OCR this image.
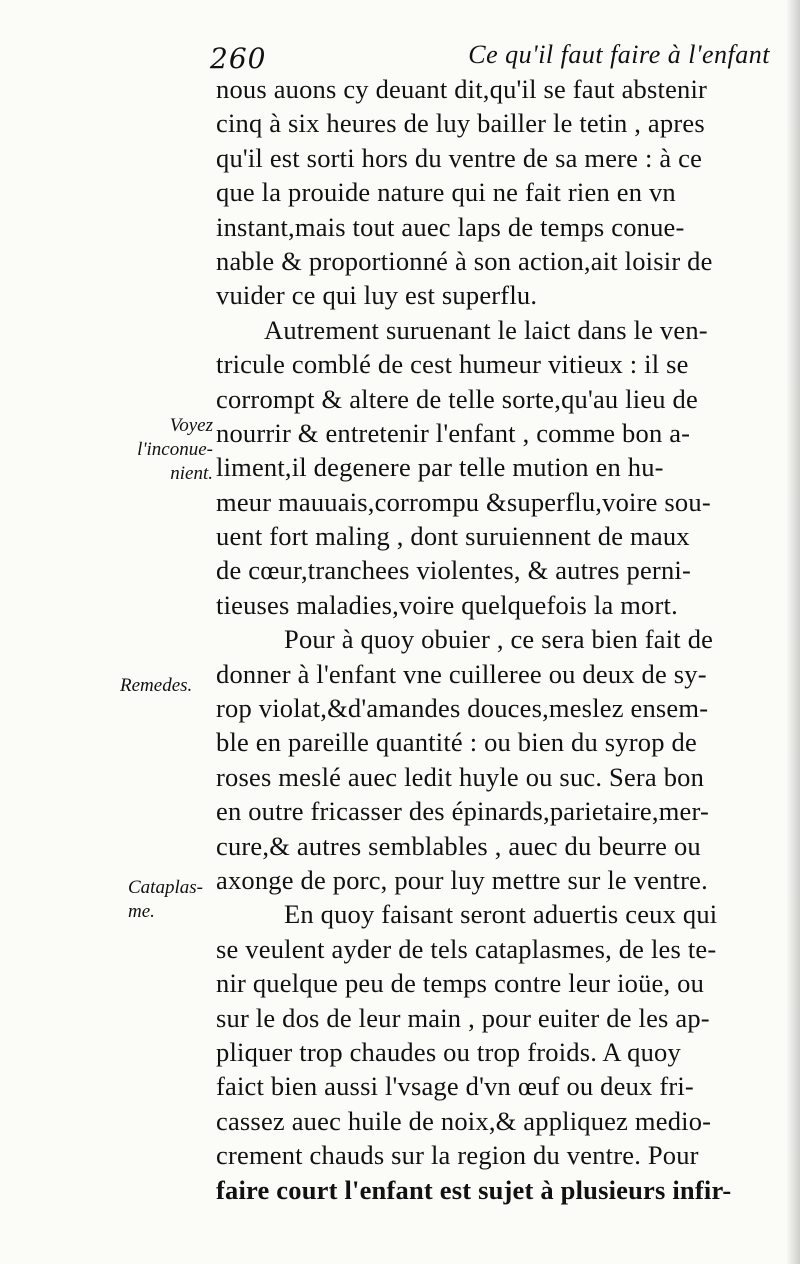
260	Ce qu'il faut faire à l'enfant
Voyez
l'inconue-
nient.
Remedes.
Cataplas-
me.
nous auons cy deuant dit,qu'il se faut abstenir
cinq à six heures de luy bailler le tetin , apres
qu'il est sorti hors du ventre de sa mere : à ce
que la prouide nature qui ne fait rien en vn
instant,mais tout auec laps de temps conue-
nable & proportionné à son action,ait loisir de
vuider ce qui luy est superflu.
Autrement suruenant le laict dans le ven-
tricule comblé de cest humeur vitieux : il se
corrompt & altere de telle sorte,qu'au lieu de
nourrir & entretenir l'enfant , comme bon a-
liment,il degenere par telle mution en hu-
meur mauuais,corrompu &superflu,voire sou-
uent fort maling , dont suruiennent de maux
de cœur,tranchees violentes, & autres perni-
tieuses maladies,voire quelquefois la mort.
Pour à quoy obuier , ce sera bien fait de
donner à l'enfant vne cuilleree ou deux de sy-
rop violat,&d'amandes douces,meslez ensem-
ble en pareille quantité : ou bien du syrop de
roses meslé auec ledit huyle ou suc. Sera bon
en outre fricasser des épinards,parietaire,mer-
cure,& autres semblables , auec du beurre ou
axonge de porc, pour luy mettre sur le ventre.
En quoy faisant seront aduertis ceux qui
se veulent ayder de tels cataplasmes, de les te-
nir quelque peu de temps contre leur ioüe, ou
sur le dos de leur main , pour euiter de les ap-
pliquer trop chaudes ou trop froids. A quoy
faict bien aussi l'vsage d'vn œuf ou deux fri-
cassez auec huile de noix,& appliquez medio-
crement chauds sur la region du ventre. Pour
faire court l'enfant est sujet à plusieurs infir-
